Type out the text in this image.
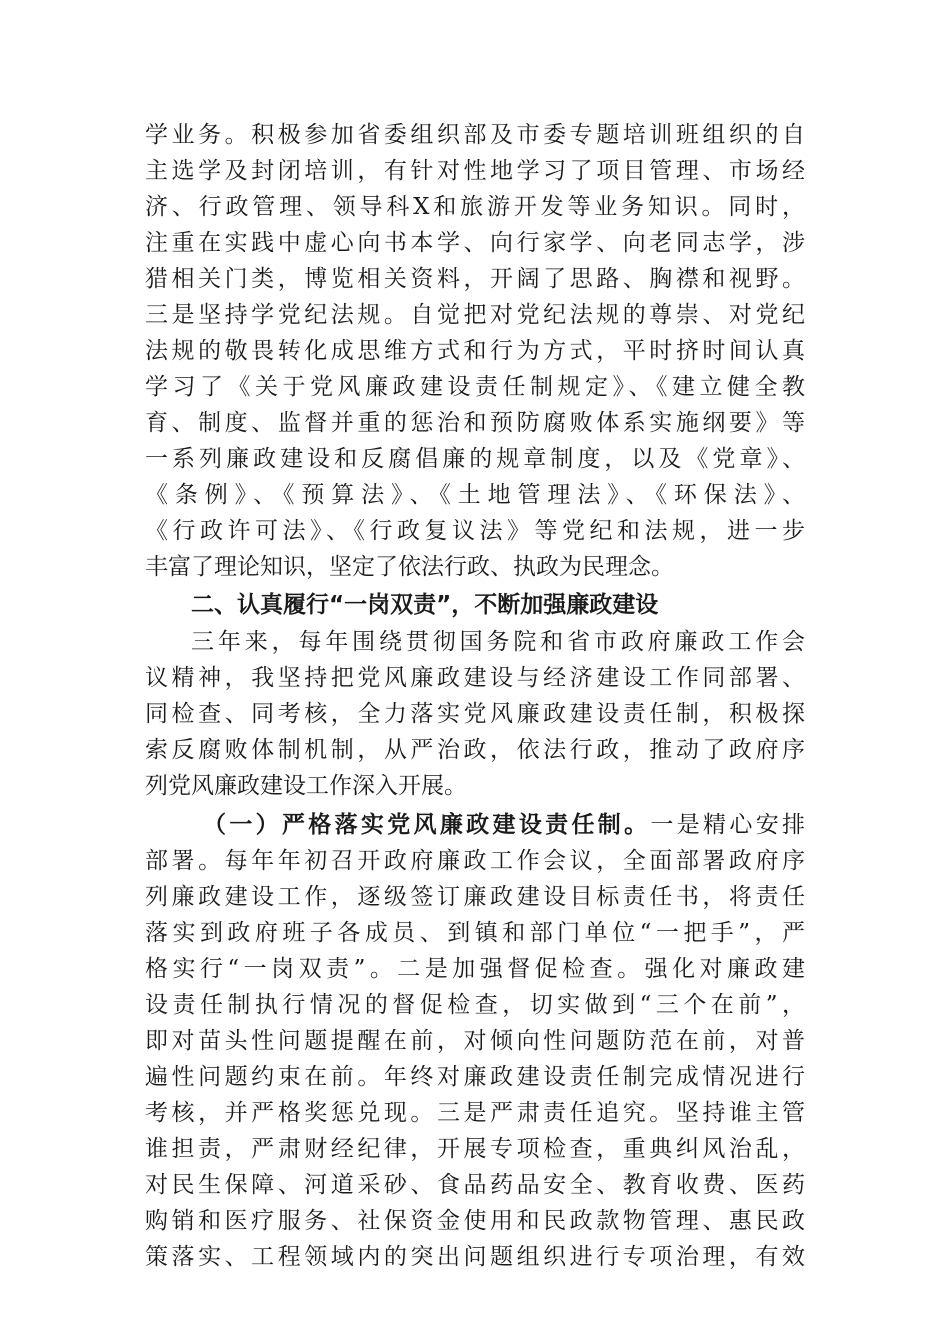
学业务。积极参加省委组织部及市委专题培训班组织的自
主选学及封闭培训，有针对性地学习了项目管理、市场经
济、行政管理、领导科X和旅游开发等业务知识。同时，
注重在实践中虚心向书本学、向行家学、向老同志学，涉
猎相关门类，博览相关资料，开阔了思路、胸襟和视野。
三是坚持学党纪法规。自觉把对党纪法规的尊崇、对党纪
法规的敬畏转化成思维方式和行为方式，平时挤时间认真
学习了《关于党风廉政建设责任制规定》、《建立健全教
育、制度、监督并重的惩治和预防腐败体系实施纲要》等
一系列廉政建设和反腐倡廉的规章制度，以及《党章》、
《条例》、《预算法》、《土地管理法》、《环保法》、
《行政许可法》、《行政复议法》等党纪和法规，进一步
丰富了理论知识，坚定了依法行政、执政为民理念。
二、认真履行“一岗双责”，不断加强廉政建设
三年来，每年围绕贯彻国务院和省市政府廉政工作会
议精神，我坚持把党风廉政建设与经济建设工作同部署、
同检查、同考核，全力落实党风廉政建设责任制，积极探
索反腐败体制机制，从严治政，依法行政，推动了政府序
列党风廉政建设工作深入开展。
（一）严格落实党风廉政建设责任制。一是精心安排
部署。每年年初召开政府廉政工作会议，全面部署政府序
列廉政建设工作，逐级签订廉政建设目标责任书，将责任
落实到政府班子各成员、到镇和部门单位“一把手”，严
格实行“一岗双责”。二是加强督促检查。强化对廉政建
设责任制执行情况的督促检查，切实做到“三个在前”，
即对苗头性问题提醒在前，对倾向性问题防范在前，对普
遍性问题约束在前。年终对廉政建设责任制完成情况进行
考核，并严格奖惩兑现。三是严肃责任追究。坚持谁主管
谁担责，严肃财经纪律，开展专项检查，重典纠风治乱，
对民生保障、河道采砂、食品药品安全、教育收费、医药
购销和医疗服务、社保资金使用和民政款物管理、惠民政
策落实、工程领域内的突出问题组织进行专项治理，有效
